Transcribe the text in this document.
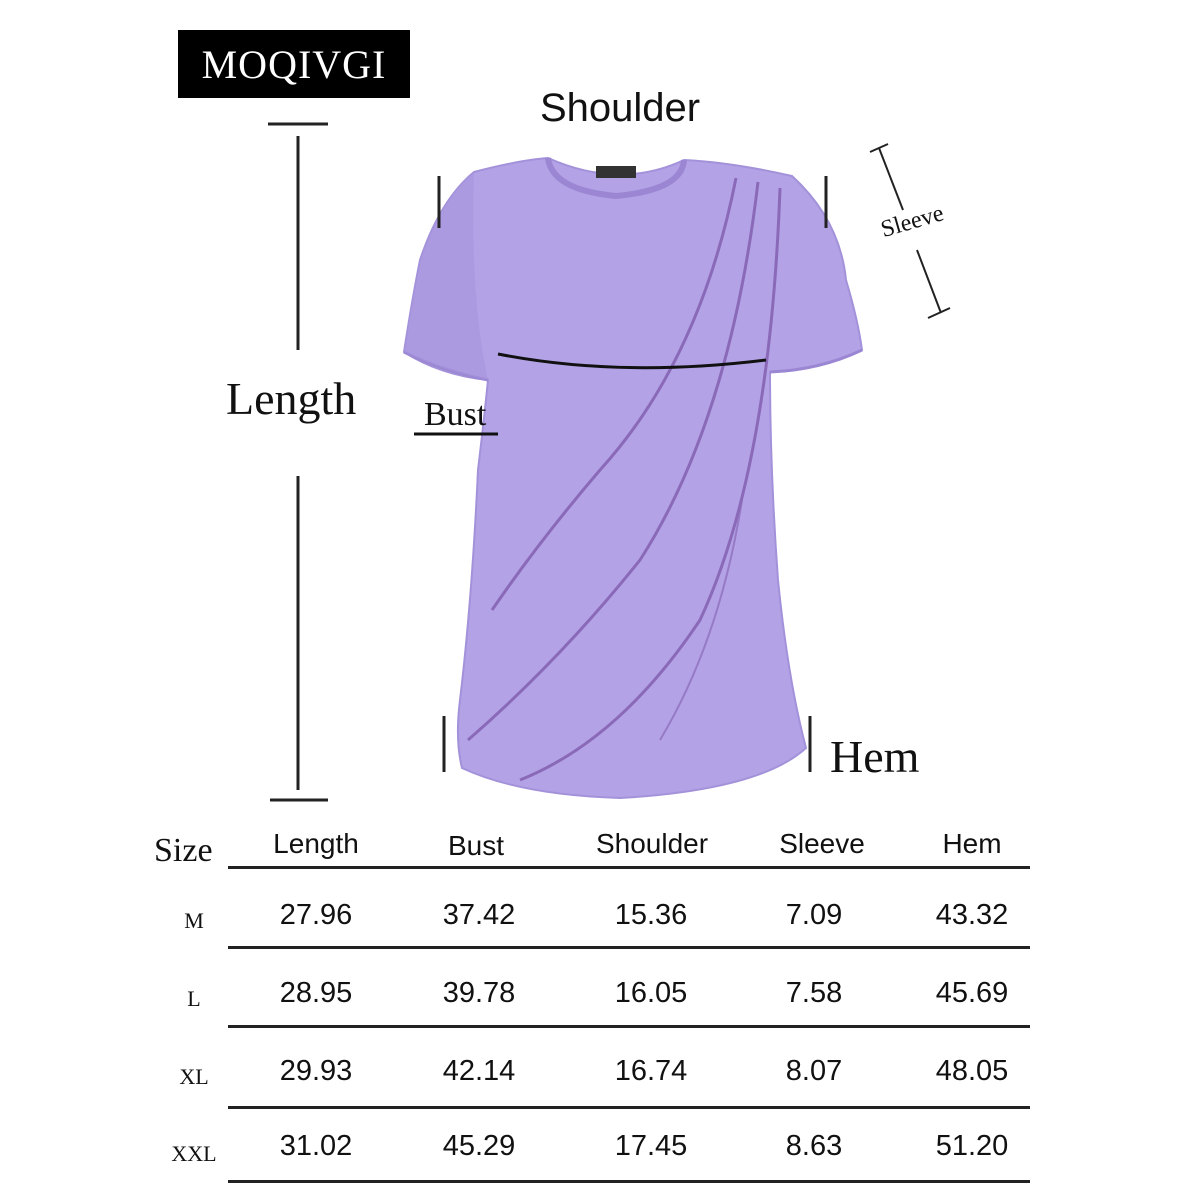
MOQIVGI
Shoulder
Length Bust
Sleeve
Hem
Size Length	Bust	Shoulder	Sleeve	Hem
M	27.96	37.42	15.36	7.09	43.32
L	28.95	39.78	16.05	7.58	45.69
XL 29.93	42.14	16.74	8.07	48.05
XXL 31.02	45.29	17.45	8.63	51.20
